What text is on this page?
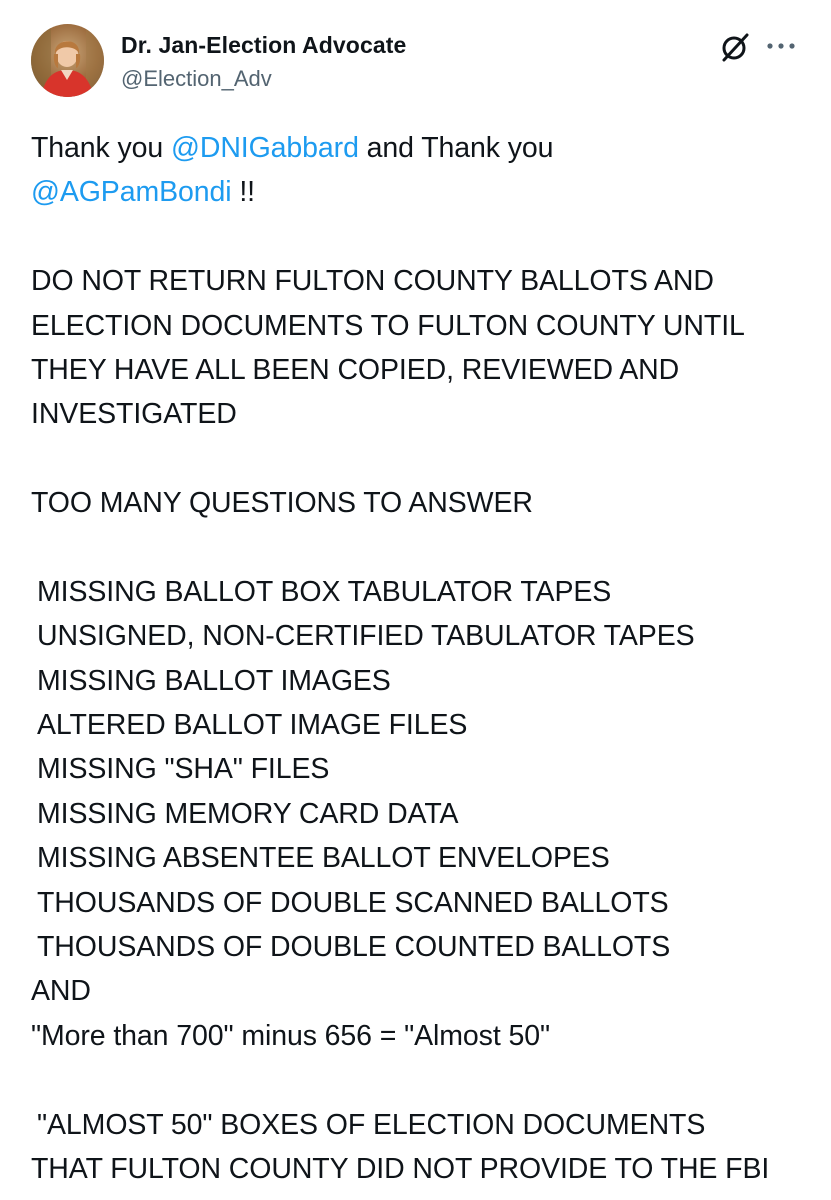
Dr. Jan-Election Advocate
@Election_Adv
Thank you @DNIGabbard and Thank you
@AGPamBondi !!
DO NOT RETURN FULTON COUNTY BALLOTS AND
ELECTION DOCUMENTS TO FULTON COUNTY UNTIL
THEY HAVE ALL BEEN COPIED, REVIEWED AND
INVESTIGATED
TOO MANY QUESTIONS TO ANSWER
MISSING BALLOT BOX TABULATOR TAPES
UNSIGNED, NON-CERTIFIED TABULATOR TAPES
MISSING BALLOT IMAGES
ALTERED BALLOT IMAGE FILES
MISSING "SHA" FILES
MISSING MEMORY CARD DATA
MISSING ABSENTEE BALLOT ENVELOPES
THOUSANDS OF DOUBLE SCANNED BALLOTS
THOUSANDS OF DOUBLE COUNTED BALLOTS
AND
"More than 700" minus 656 = "Almost 50"
"ALMOST 50" BOXES OF ELECTION DOCUMENTS
THAT FULTON COUNTY DID NOT PROVIDE TO THE FBI
